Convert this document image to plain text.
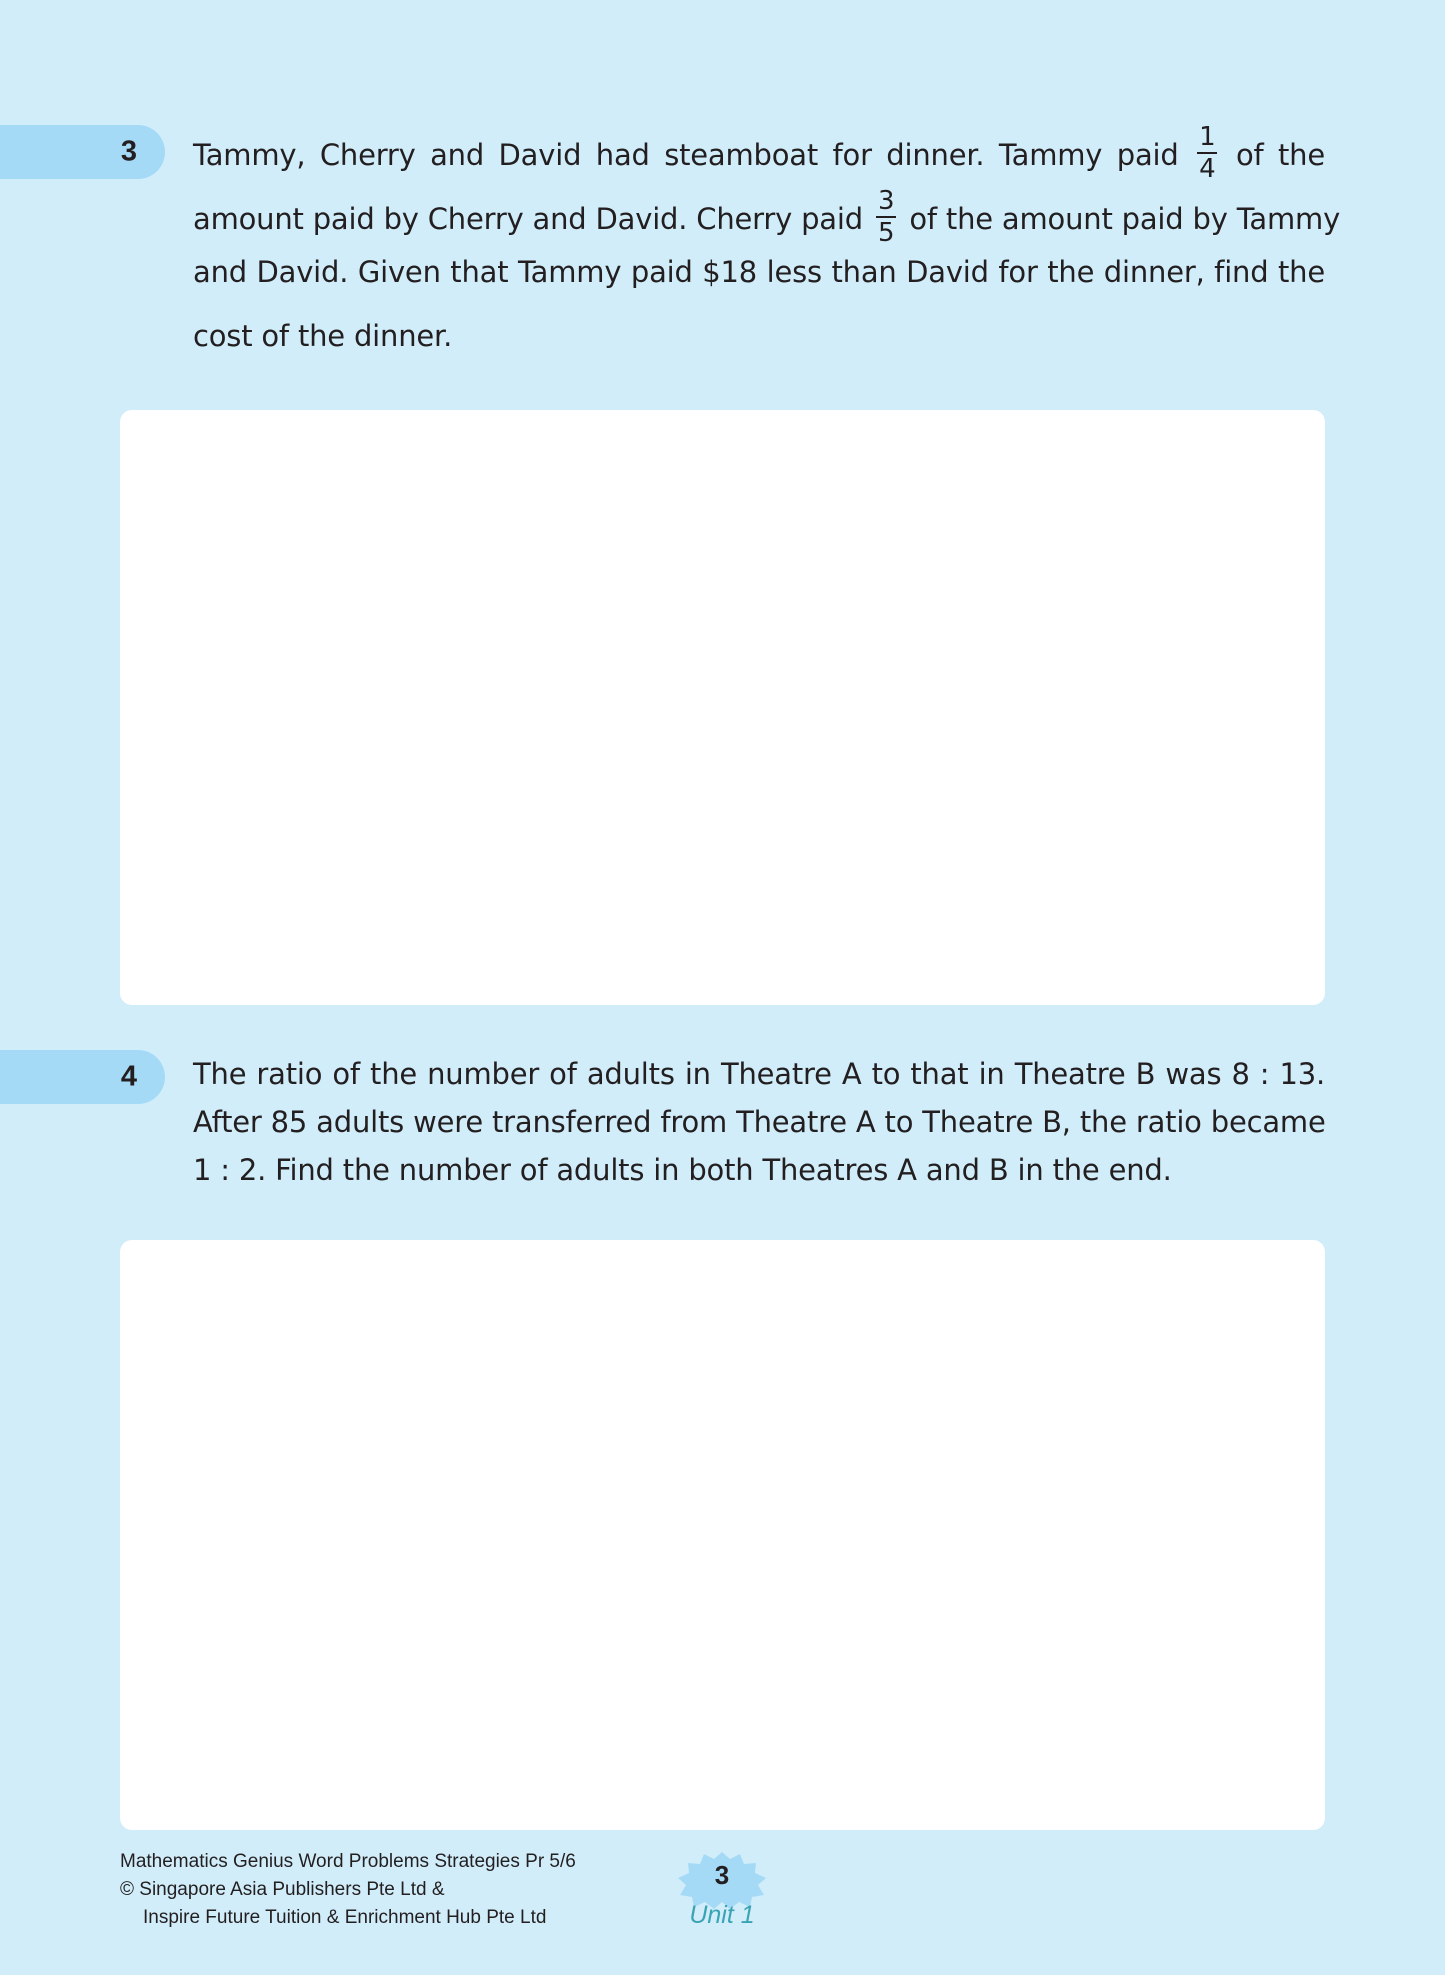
3 Tammy, Cherry and David had steamboat for dinner. Tammy paid $\frac{1}{4}$ of the
amount paid by Cherry and David. Cherry paid $\frac{3}{5}$ of the amount paid by Tammy
and David. Given that Tammy paid $18 less than David for the dinner, find the
cost of the dinner.
4 The ratio of the number of adults in Theatre A to that in Theatre B was 8 : 13.
After 85 adults were transferred from Theatre A to Theatre B, the ratio became
1 : 2. Find the number of adults in both Theatres A and B in the end.
Mathematics Genius Word Problems Strategies Pr 5/6
© Singapore Asia Publishers Pte Ltd &
Inspire Future Tuition & Enrichment Hub Pte Ltd
3
Unit 1
